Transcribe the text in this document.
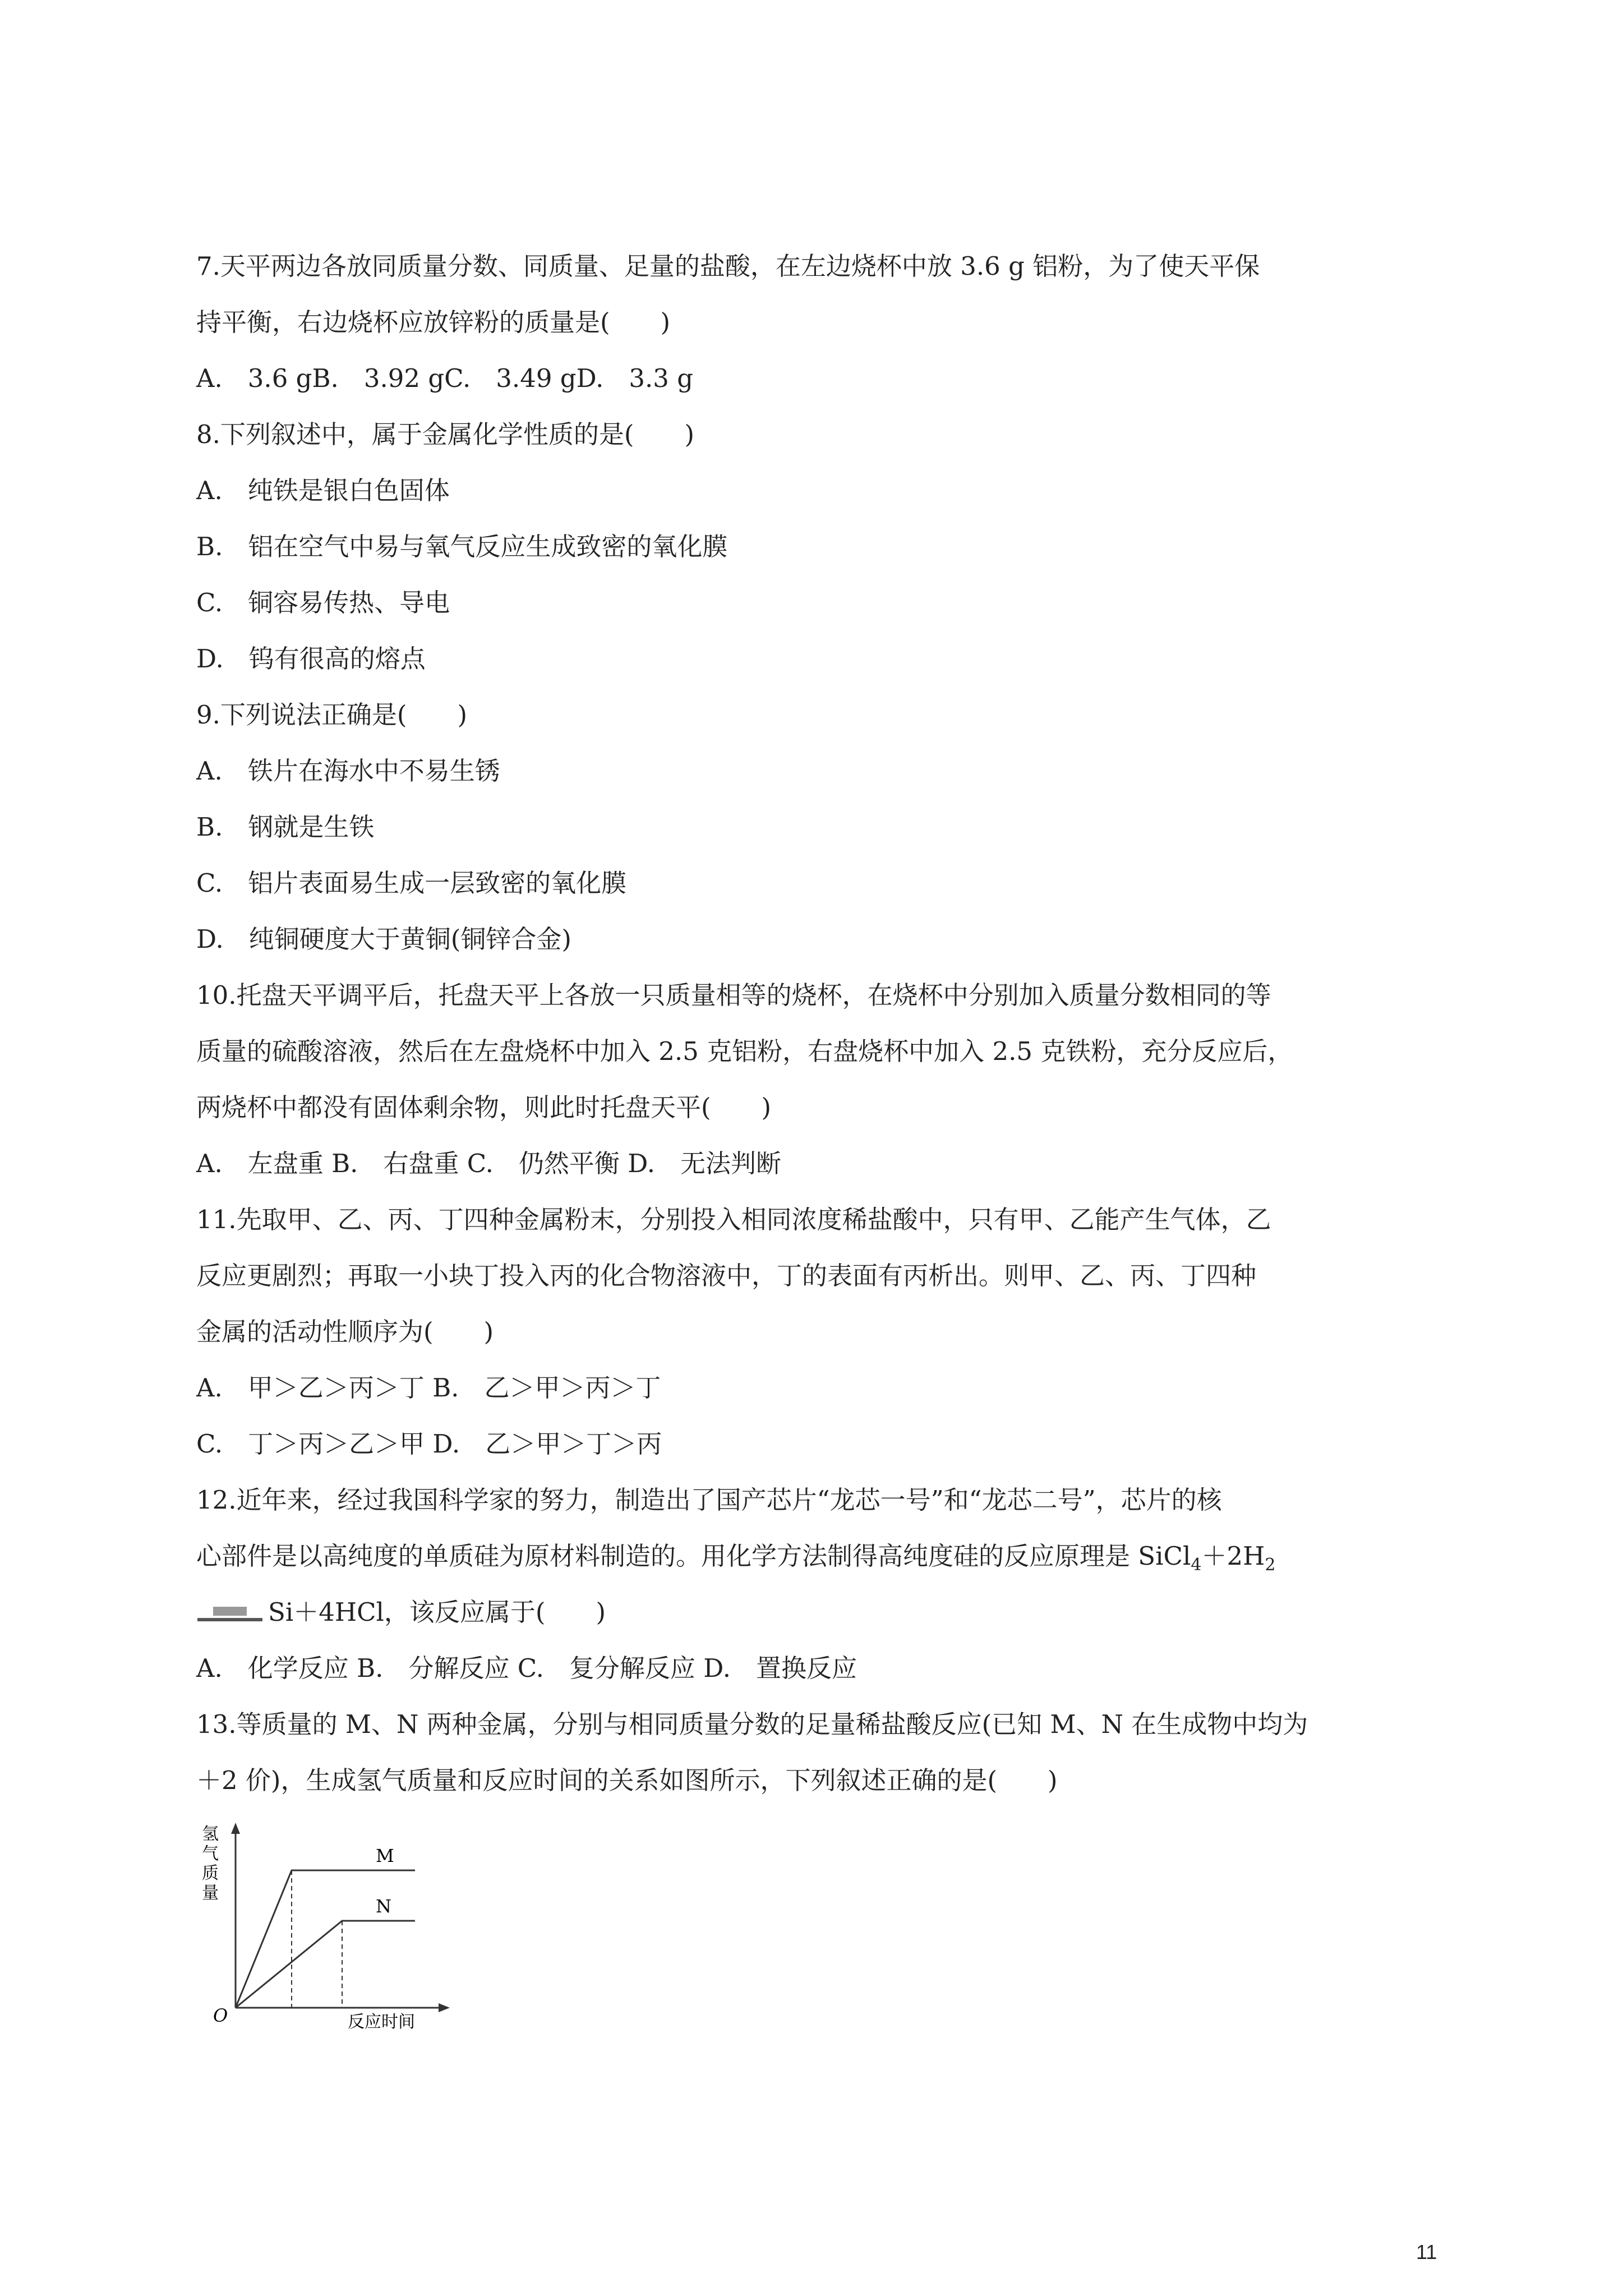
7.天平两边各放同质量分数、同质量、足量的盐酸，在左边烧杯中放 3.6 g 铝粉，为了使天平保
持平衡，右边烧杯应放锌粉的质量是(　　)
A.　3.6 gB.　3.92 gC.　3.49 gD.　3.3 g
8.下列叙述中，属于金属化学性质的是(　　)
A.　纯铁是银白色固体
B.　铝在空气中易与氧气反应生成致密的氧化膜
C.　铜容易传热、导电
D.　钨有很高的熔点
9.下列说法正确是(　　)
A.　铁片在海水中不易生锈
B.　钢就是生铁
C.　铝片表面易生成一层致密的氧化膜
D.　纯铜硬度大于黄铜(铜锌合金)
10.托盘天平调平后，托盘天平上各放一只质量相等的烧杯，在烧杯中分别加入质量分数相同的等
质量的硫酸溶液，然后在左盘烧杯中加入 2.5 克铝粉，右盘烧杯中加入 2.5 克铁粉，充分反应后，
两烧杯中都没有固体剩余物，则此时托盘天平(　　)
A.　左盘重 B.　右盘重 C.　仍然平衡 D.　无法判断
11.先取甲、乙、丙、丁四种金属粉末，分别投入相同浓度稀盐酸中，只有甲、乙能产生气体，乙
反应更剧烈；再取一小块丁投入丙的化合物溶液中，丁的表面有丙析出。则甲、乙、丙、丁四种
金属的活动性顺序为(　　)
A.　甲＞乙＞丙＞丁 B.　乙＞甲＞丙＞丁
C.　丁＞丙＞乙＞甲 D.　乙＞甲＞丁＞丙
12.近年来，经过我国科学家的努力，制造出了国产芯片“龙芯一号”和“龙芯二号”，芯片的核
心部件是以高纯度的单质硅为原材料制造的。用化学方法制得高纯度硅的反应原理是 $SiCl_4+2H_2$
Si＋4HCl，该反应属于(　　)
A.　化学反应 B.　分解反应 C.　复分解反应 D.　置换反应
13.等质量的 M、N 两种金属，分别与相同质量分数的足量稀盐酸反应(已知 M、N 在生成物中均为
＋2 价)，生成氢气质量和反应时间的关系如图所示，下列叙述正确的是(　　)
M
N
O	反应时间
氢
气
质
量
11
